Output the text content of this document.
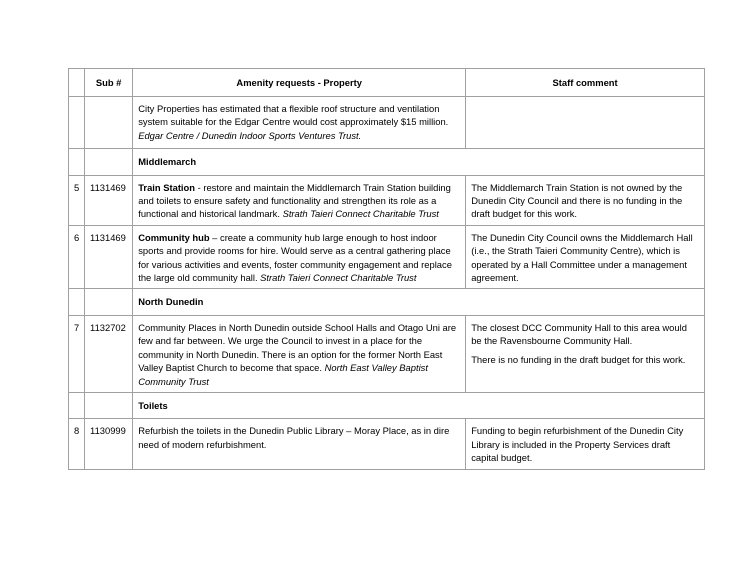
	Sub #	Amenity requests - Property	Staff comment
		City Properties has estimated that a flexible roof structure and ventilation system suitable for the Edgar Centre would cost approximately $15 million.  Edgar Centre / Dunedin Indoor Sports Ventures Trust.	
		Middlemarch	
5	1131469	Train Station - restore and maintain the Middlemarch Train Station building and toilets to ensure safety and functionality and strengthen its role as a functional and historical landmark. Strath Taieri Connect Charitable Trust	The Middlemarch Train Station is not owned by the Dunedin City Council and there is no funding in the draft budget for this work.

6	1131469	Community hub – create a community hub large enough to host indoor sports and provide rooms for hire. Would serve as a central gathering place for various activities and events, foster community engagement and replace the large old community hall. Strath Taieri Connect Charitable Trust	The Dunedin City Council owns the Middlemarch Hall (i.e., the Strath Taieri Community Centre), which is operated by a Hall Committee under a management agreement.

		North Dunedin	
7	1132702	Community Places in North Dunedin outside School Halls and Otago Uni are few and far between. We urge the Council to invest in a place for the community in North Dunedin. There is an option for the former North East Valley Baptist Church to become that space. North East Valley Baptist Community Trust	The closest DCC Community Hall to this area would be the Ravensbourne Community Hall.

There is no funding in the draft budget for this work.

		Toilets	
8	1130999	Refurbish the toilets in the Dunedin Public Library – Moray Place, as in dire need of modern refurbishment.	Funding to begin refurbishment of the Dunedin City Library is included in the Property Services draft capital budget.
